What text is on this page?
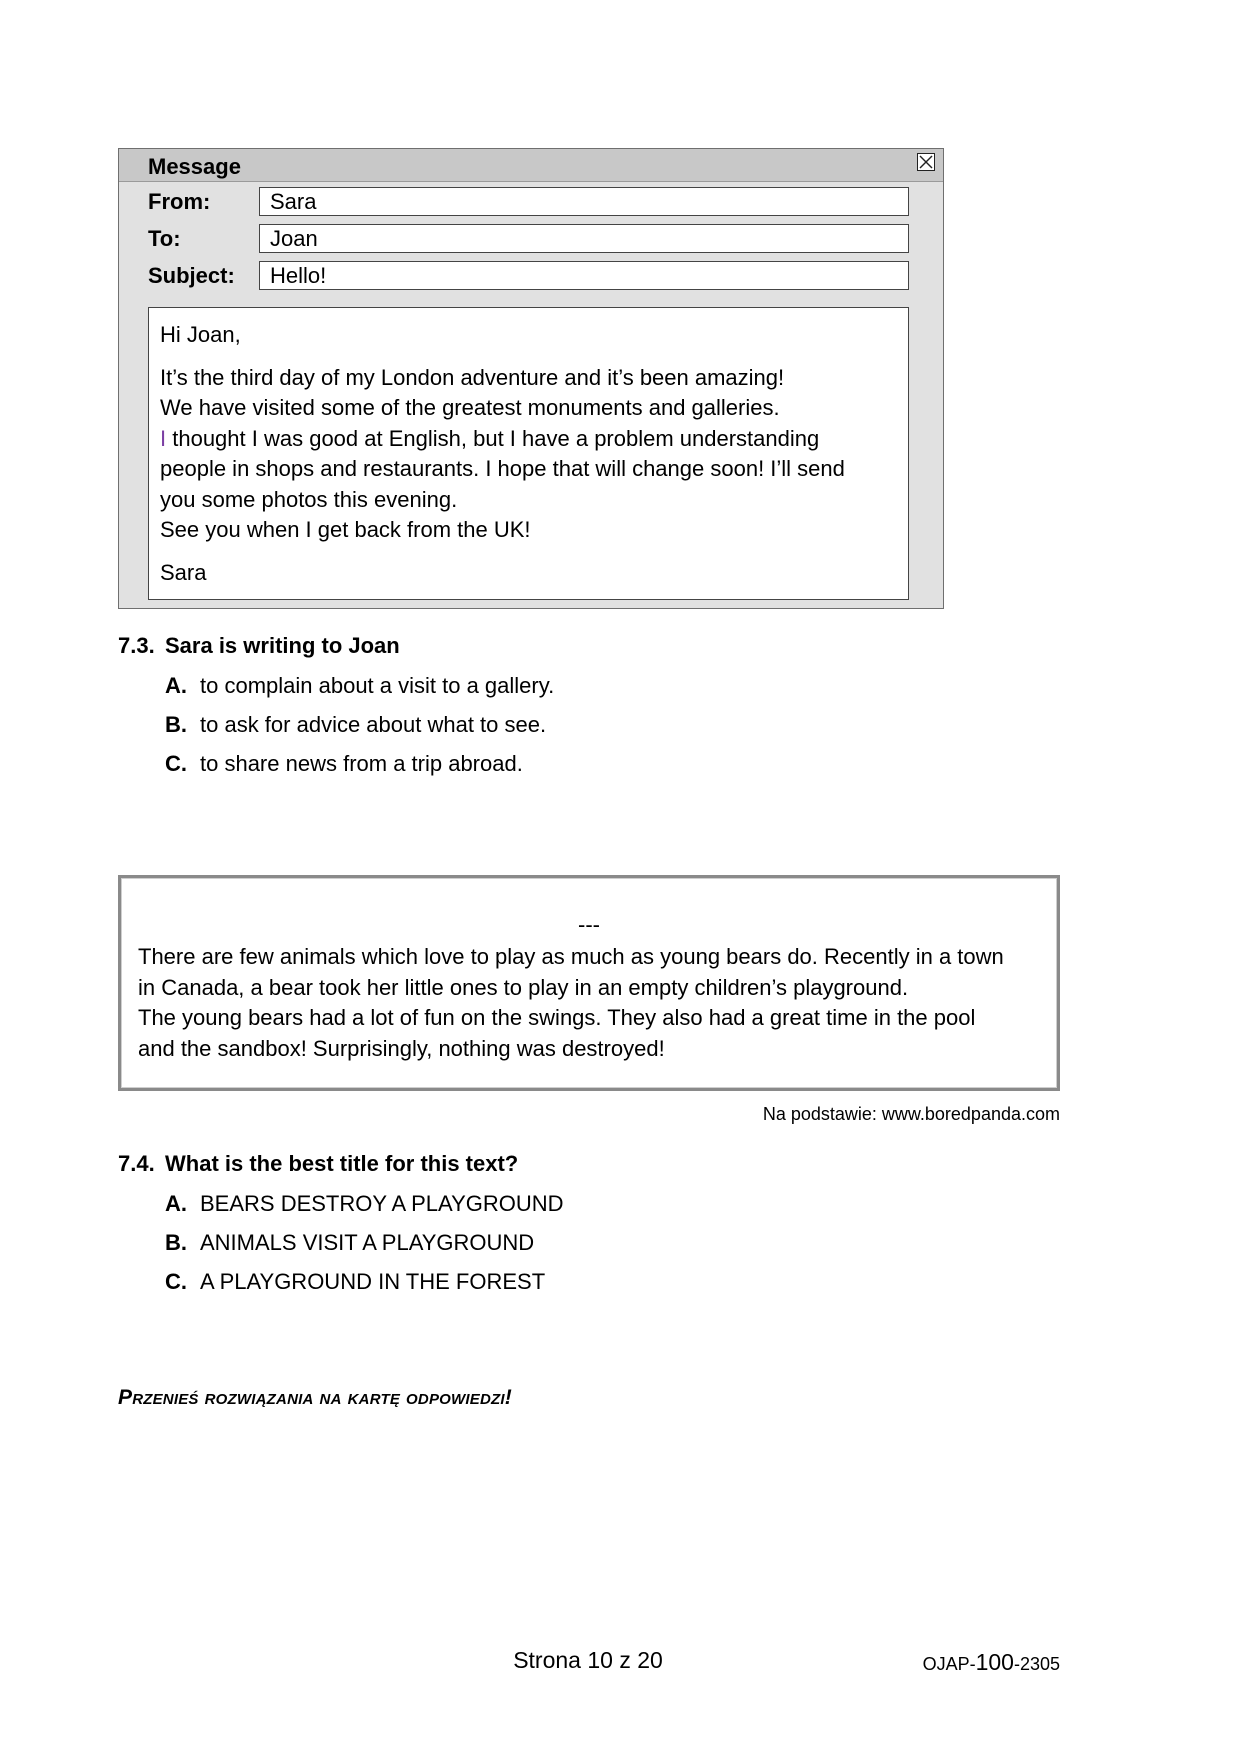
Message
From:	Sara
To:	Joan
Subject:	Hello!

Hi Joan,

It’s the third day of my London adventure and it’s been amazing!

We have visited some of the greatest monuments and galleries.

I thought I was good at English, but I have a problem understanding

people in shops and restaurants. I hope that will change soon! I’ll send

you some photos this evening.

See you when I get back from the UK!

Sara

7.3. Sara is writing to Joan
A. to complain about a visit to a gallery.
B. to ask for advice about what to see.
C. to share news from a trip abroad.
---

There are few animals which love to play as much as young bears do. Recently in a town

in Canada, a bear took her little ones to play in an empty children’s playground.

The young bears had a lot of fun on the swings. They also had a great time in the pool

and the sandbox! Surprisingly, nothing was destroyed!

Na podstawie: www.boredpanda.com
7.4. What is the best title for this text?
A. BEARS DESTROY A PLAYGROUND
B. ANIMALS VISIT A PLAYGROUND
C. A PLAYGROUND IN THE FOREST
Przenieś rozwiązania na kartę odpowiedzi!
Strona 10 z 20	OJAP-100-2305
